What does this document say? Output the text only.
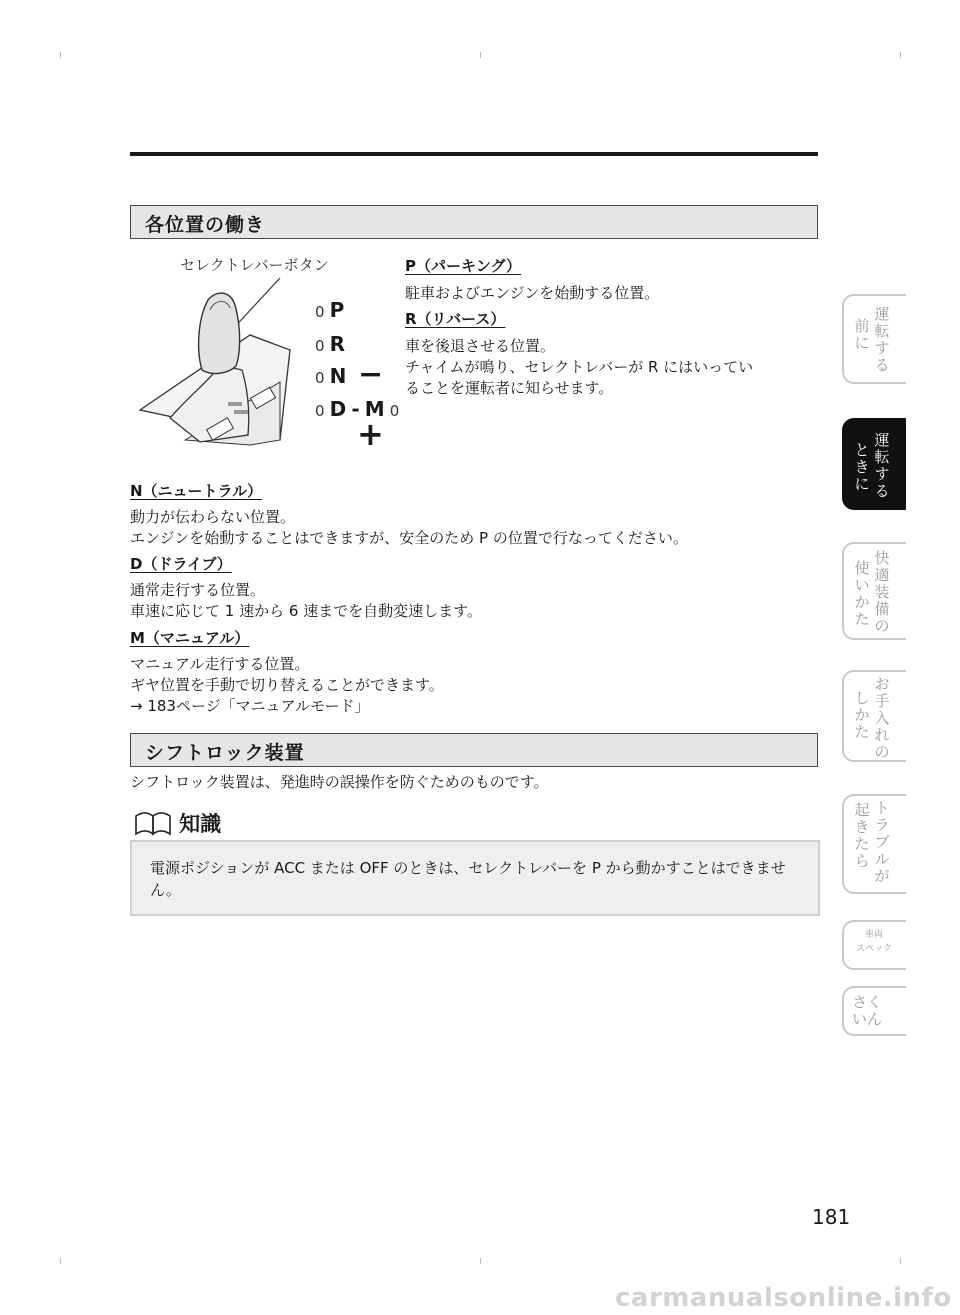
各位置の働き
セレクトレバーボタン
0 P
0 R
0 N −
0 D - M 0
+
P（パーキング）
駐車およびエンジンを始動する位置。
R（リバース）
車を後退させる位置。
チャイムが鳴り、セレクトレバーが R にはいってい
ることを運転者に知らせます。
N（ニュートラル）
動力が伝わらない位置。
エンジンを始動することはできますが、安全のため P の位置で行なってください。
D（ドライブ）
通常走行する位置。
車速に応じて 1 速から 6 速までを自動変速します。
M（マニュアル）
マニュアル走行する位置。
ギヤ位置を手動で切り替えることができます。
→ 183ページ「マニュアルモード」
シフトロック装置
シフトロック装置は、発進時の誤操作を防ぐためのものです。
知識
電源ポジションが ACC または OFF のときは、セレクトレバーを P から動かすことはできません。
運転する
前に
運転する
ときに
快適装備の
使いかた
お手入れの
しかた
トラブルが
起きたら
車両
スペック
さく
いん
181
carmanualsonline.info
